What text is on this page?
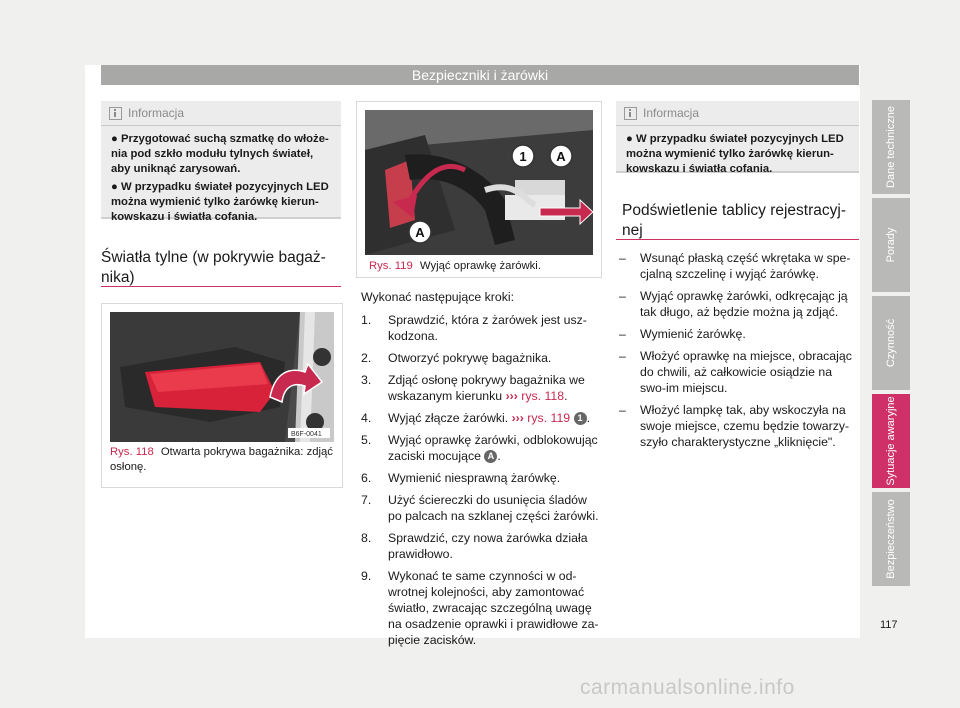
Bezpieczniki i żarówki
Informacja

● Przygotować suchą szmatkę do włoże-nia pod szkło modułu tylnych świateł, aby uniknąć zarysowań.

● W przypadku świateł pozycyjnych LED można wymienić tylko żarówkę kierun-kowskazu i światła cofania.

Światła tylne (w pokrywie bagaż-nika)
B6F-0041
Rys. 118 Otwarta pokrywa bagażnika: zdjąć osłonę.
1 A
A
Rys. 119 Wyjąć oprawkę żarówki.
Wykonać następujące kroki:
1. Sprawdzić, która z żarówek jest usz-kodzona.
2. Otworzyć pokrywę bagażnika.
3. Zdjąć osłonę pokrywy bagażnika we wskazanym kierunku ››› rys. 118.
4. Wyjąć złącze żarówki. ››› rys. 119 1 .
5. Wyjąć oprawkę żarówki, odblokowując zaciski mocujące A .
6. Wymienić niesprawną żarówkę.
7. Użyć ściereczki do usunięcia śladów po palcach na szklanej części żarówki.
8. Sprawdzić, czy nowa żarówka działa prawidłowo.
9. Wykonać te same czynności w od-wrotnej kolejności, aby zamontować światło, zwracając szczególną uwagę na osadzenie oprawki i prawidłowe za-pięcie zacisków.
Informacja

● W przypadku świateł pozycyjnych LED można wymienić tylko żarówkę kierun-kowskazu i światła cofania.

Podświetlenie tablicy rejestracyj-nej
– Wsunąć płaską część wkrętaka w spe-cjalną szczelinę i wyjąć żarówkę.
– Wyjąć oprawkę żarówki, odkręcając ją tak długo, aż będzie można ją zdjąć.
– Wymienić żarówkę.
– Włożyć oprawkę na miejsce, obracając do chwili, aż całkowicie osiądzie na swo-im miejscu.
– Włożyć lampkę tak, aby wskoczyła na swoje miejsce, czemu będzie towarzy-szyło charakterystyczne „kliknięcie".
Dane techniczne
Porady
Czynność
Sytuacje awaryjne
Bezpieczeństwo
117
carmanualsonline.info
